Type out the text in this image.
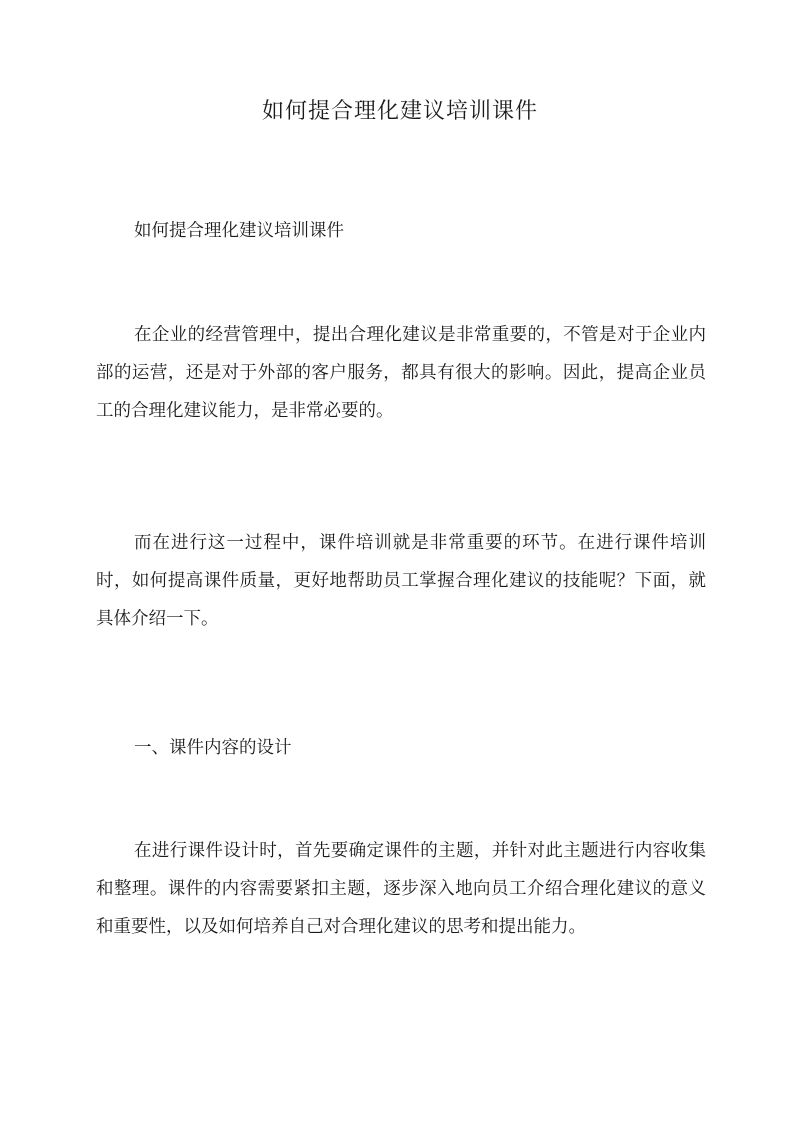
如何提合理化建议培训课件

如何提合理化建议培训课件

在企业的经营管理中，提出合理化建议是非常重要的，不管是对于企业内部的运营，还是对于外部的客户服务，都具有很大的影响。因此，提高企业员工的合理化建议能力，是非常必要的。

而在进行这一过程中，课件培训就是非常重要的环节。在进行课件培训时，如何提高课件质量，更好地帮助员工掌握合理化建议的技能呢？下面，就具体介绍一下。

一、课件内容的设计

在进行课件设计时，首先要确定课件的主题，并针对此主题进行内容收集和整理。课件的内容需要紧扣主题，逐步深入地向员工介绍合理化建议的意义和重要性，以及如何培养自己对合理化建议的思考和提出能力。
